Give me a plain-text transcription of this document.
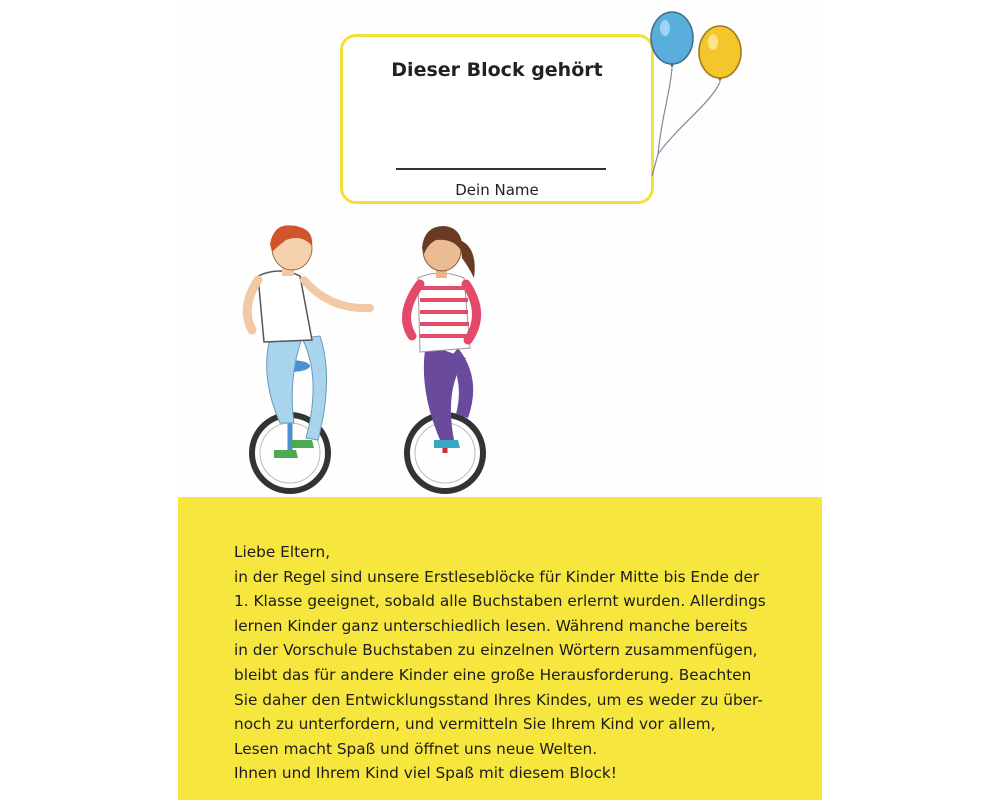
Dieser Block gehört
Dein Name

Liebe Eltern,

in der Regel sind unsere Erstleseblöcke für Kinder Mitte bis Ende der

1. Klasse geeignet, sobald alle Buchstaben erlernt wurden. Allerdings

lernen Kinder ganz unterschiedlich lesen. Während manche bereits

in der Vorschule Buchstaben zu einzelnen Wörtern zusammenfügen,

bleibt das für andere Kinder eine große Herausforderung. Beachten

Sie daher den Entwicklungsstand Ihres Kindes, um es weder zu über-

noch zu unterfordern, und vermitteln Sie Ihrem Kind vor allem,

Lesen macht Spaß und öffnet uns neue Welten.

Ihnen und Ihrem Kind viel Spaß mit diesem Block!
